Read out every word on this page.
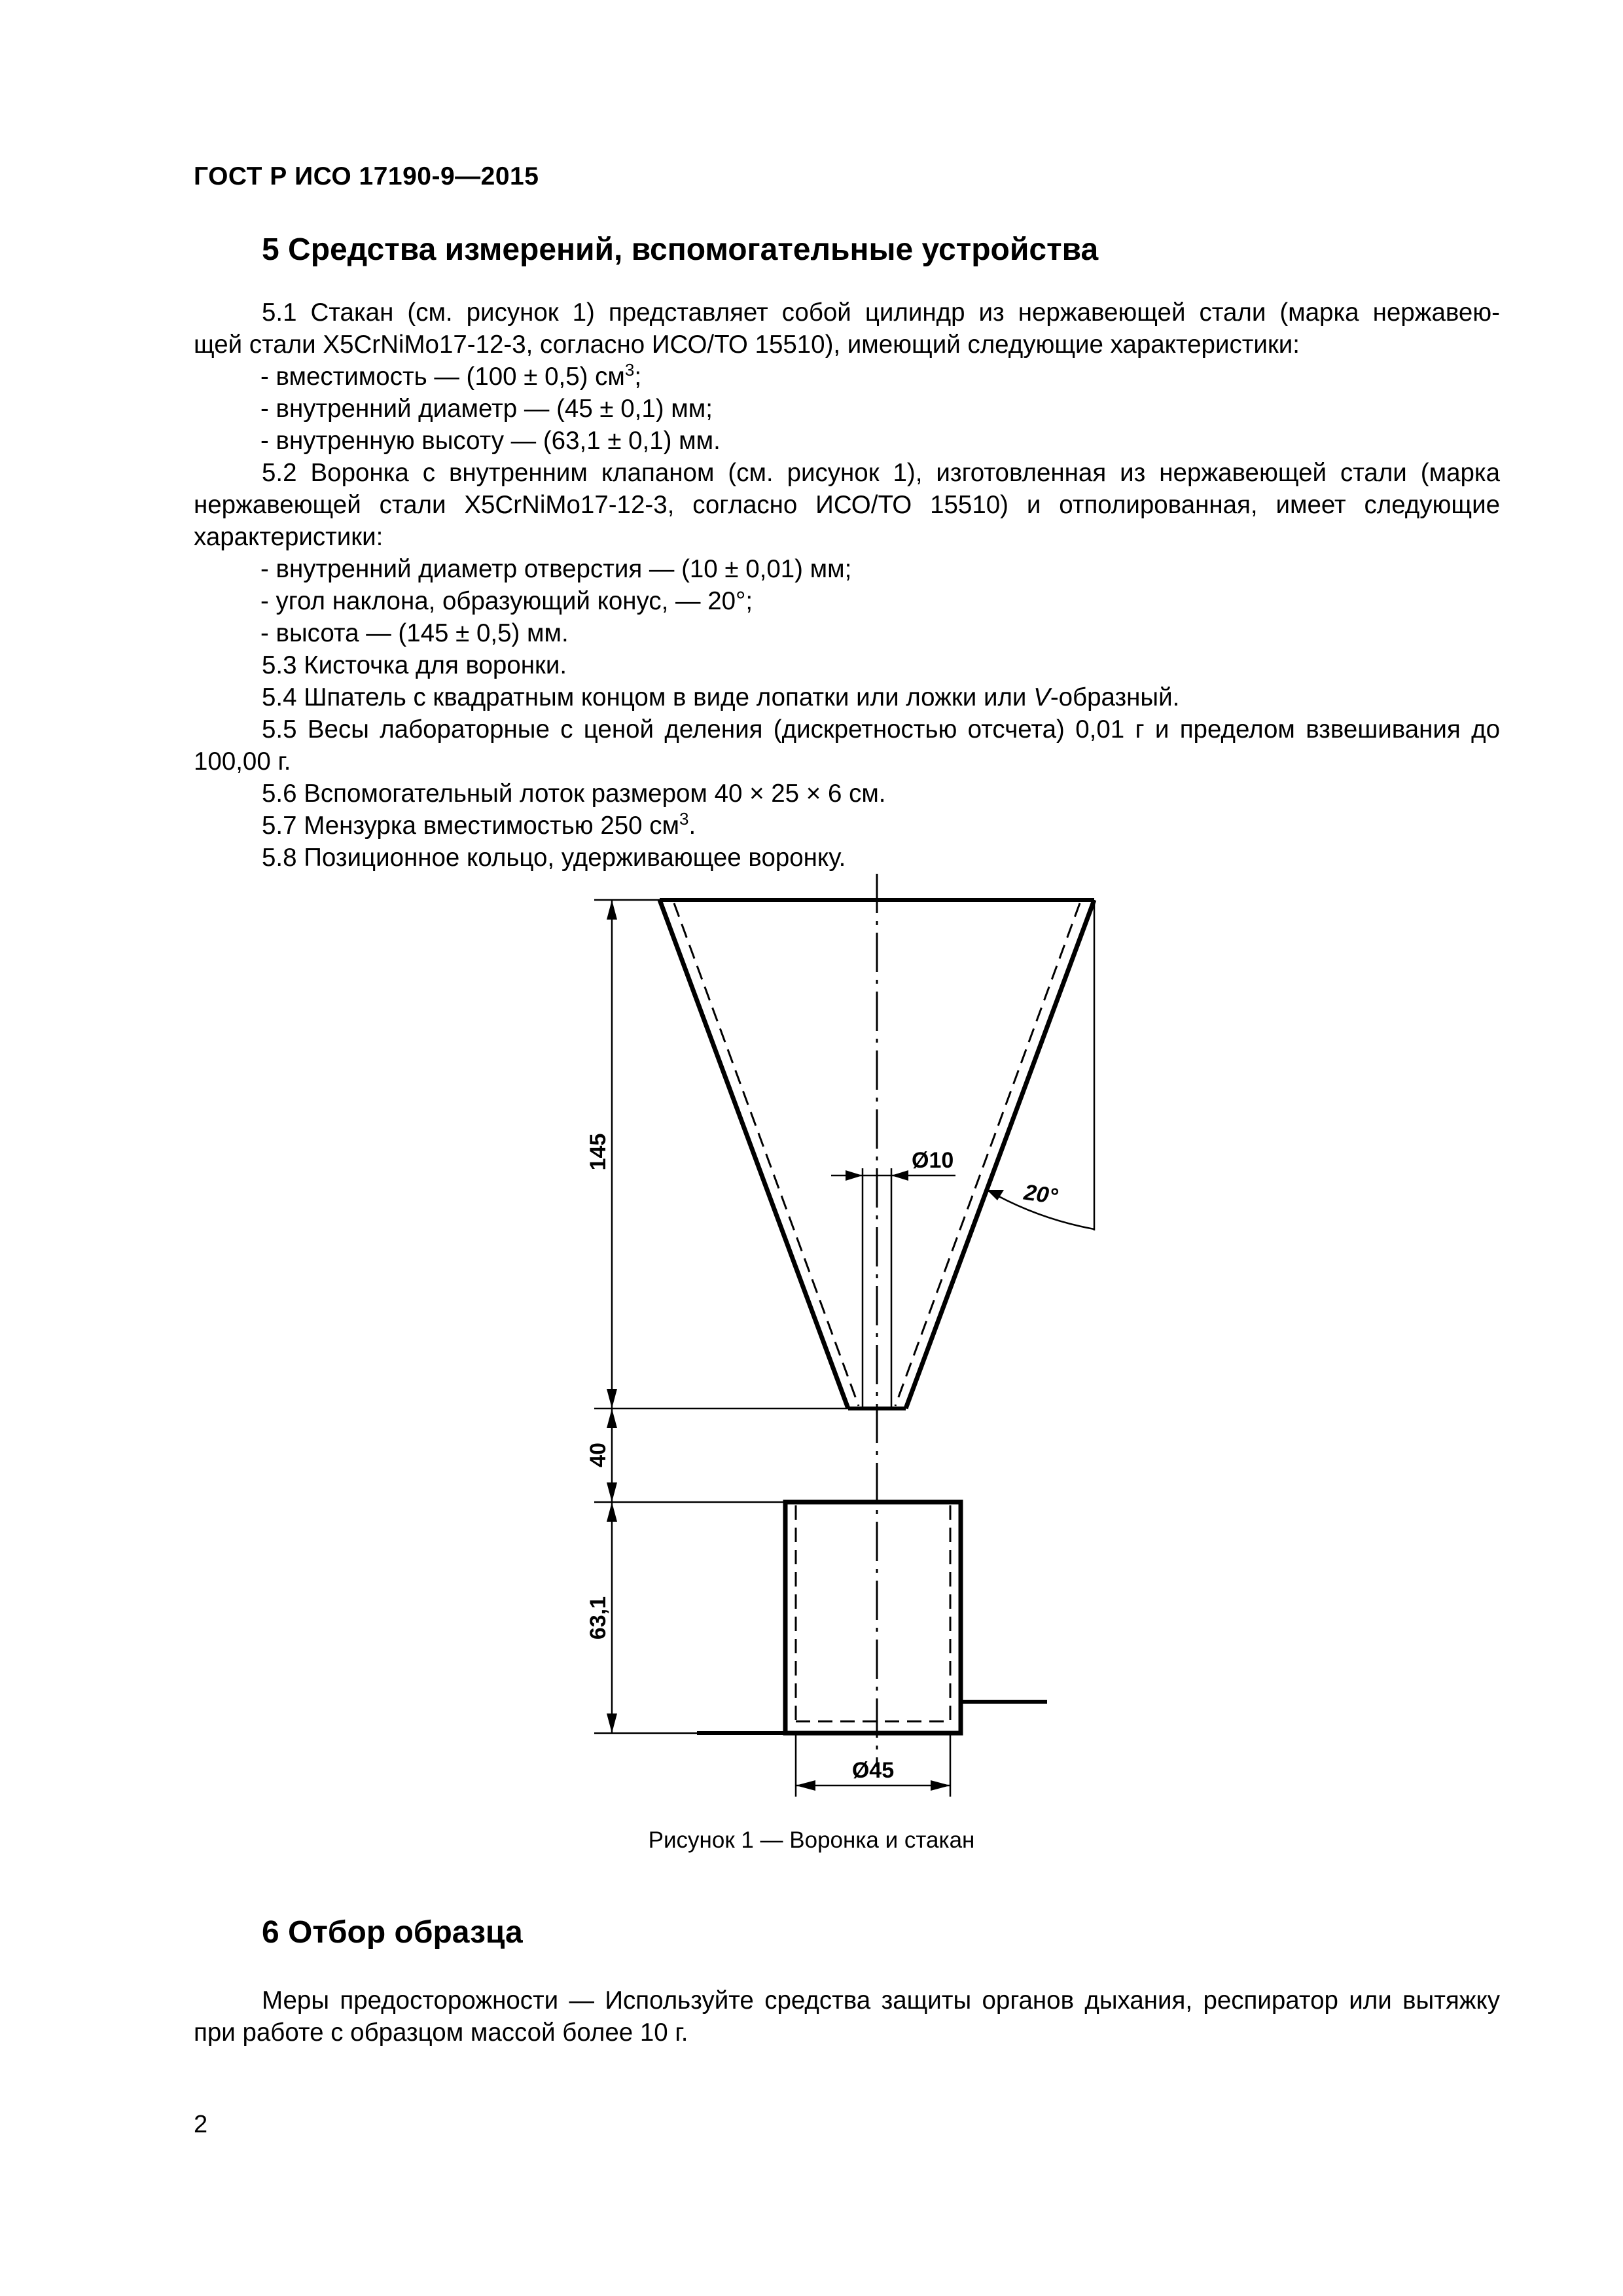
ГОСТ Р ИСО 17190-9—2015
5 Средства измерений, вспомогательные устройства

5.1 Стакан (см. рисунок 1) представляет собой цилиндр из нержавеющей стали (марка нержавею-

щей стали X5CrNiMo17-12-3, согласно ИСО/ТО 15510), имеющий следующие характеристики:

- вместимость — (100 ± 0,5) $см^3$;

- внутренний диаметр — (45 ± 0,1) мм;

- внутренную высоту — (63,1 ± 0,1) мм.

5.2 Воронка с внутренним клапаном (см. рисунок 1), изготовленная из нержавеющей стали (марка нержавеющей стали X5CrNiMo17-12-3, согласно ИСО/ТО 15510) и отполированная, имеет следующие характеристики:

- внутренний диаметр отверстия — (10 ± 0,01) мм;

- угол наклона, образующий конус, — 20°;

- высота — (145 ± 0,5) мм.

5.3 Кисточка для воронки.

5.4 Шпатель с квадратным концом в виде лопатки или ложки или V-образный.

5.5 Весы лабораторные с ценой деления (дискретностью отсчета) 0,01 г и пределом взвешивания до 100,00 г.

5.6 Вспомогательный лоток размером 40 × 25 × 6 см.

5.7 Мензурка вместимостью 250 $см^3$.

5.8 Позиционное кольцо, удерживающее воронку.

Ø10
145
40
63,1
20°
Ø45
Рисунок 1 — Воронка и стакан
6 Отбор образца

Меры предосторожности — Используйте средства защиты органов дыхания, респиратор или вытяжку при работе с образцом массой более 10 г.

2
